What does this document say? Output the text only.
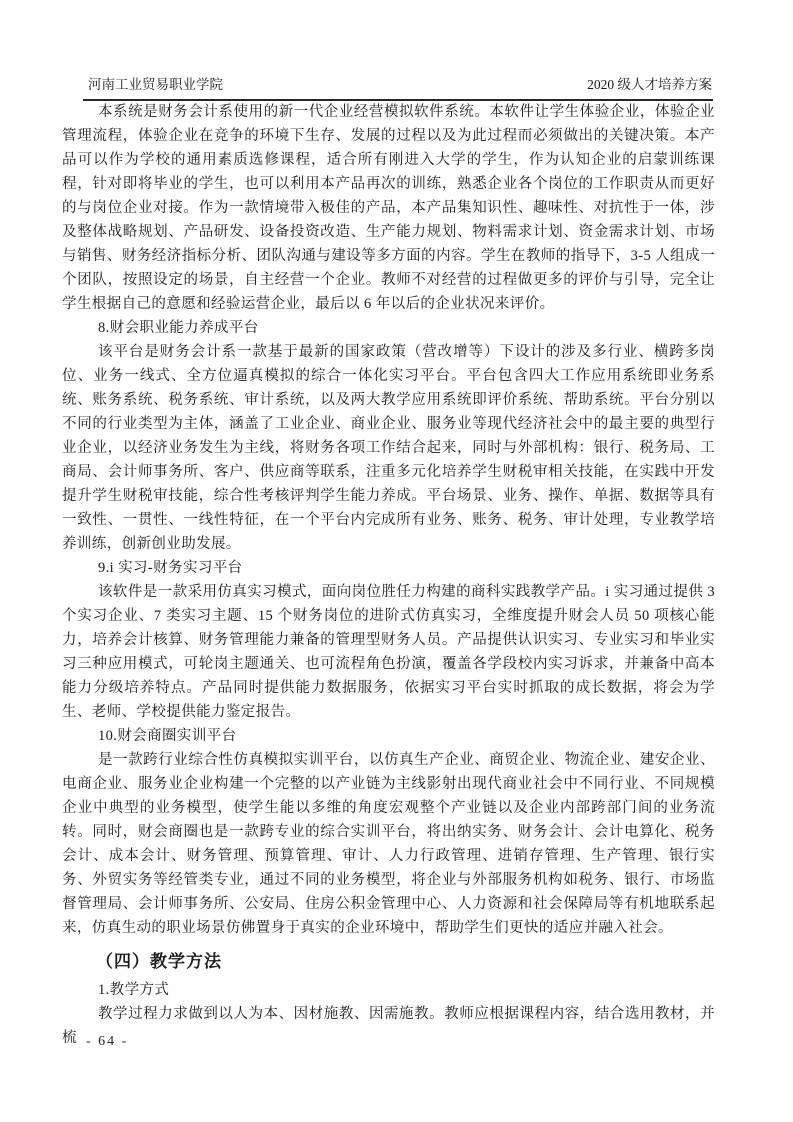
河南工业贸易职业学院	2020 级人才培养方案

本系统是财务会计系使用的新一代企业经营模拟软件系统。本软件让学生体验企业，体验企业管理流程，体验企业在竞争的环境下生存、发展的过程以及为此过程而必须做出的关键决策。本产品可以作为学校的通用素质选修课程，适合所有刚进入大学的学生，作为认知企业的启蒙训练课程，针对即将毕业的学生，也可以利用本产品再次的训练，熟悉企业各个岗位的工作职责从而更好的与岗位企业对接。作为一款情境带入极佳的产品，本产品集知识性、趣味性、对抗性于一体，涉及整体战略规划、产品研发、设备投资改造、生产能力规划、物料需求计划、资金需求计划、市场与销售、财务经济指标分析、团队沟通与建设等多方面的内容。学生在教师的指导下，3-5 人组成一个团队，按照设定的场景，自主经营一个企业。教师不对经营的过程做更多的评价与引导，完全让学生根据自己的意愿和经验运营企业，最后以 6 年以后的企业状况来评价。

8.财会职业能力养成平台

该平台是财务会计系一款基于最新的国家政策（营改增等）下设计的涉及多行业、横跨多岗位、业务一线式、全方位逼真模拟的综合一体化实习平台。平台包含四大工作应用系统即业务系统、账务系统、税务系统、审计系统，以及两大教学应用系统即评价系统、帮助系统。平台分别以不同的行业类型为主体，涵盖了工业企业、商业企业、服务业等现代经济社会中的最主要的典型行业企业，以经济业务发生为主线，将财务各项工作结合起来，同时与外部机构：银行、税务局、工商局、会计师事务所、客户、供应商等联系，注重多元化培养学生财税审相关技能，在实践中开发提升学生财税审技能，综合性考核评判学生能力养成。平台场景、业务、操作、单据、数据等具有一致性、一贯性、一线性特征，在一个平台内完成所有业务、账务、税务、审计处理，专业教学培养训练，创新创业助发展。

9.i 实习-财务实习平台

该软件是一款采用仿真实习模式，面向岗位胜任力构建的商科实践教学产品。i 实习通过提供 3 个实习企业、7 类实习主题、15 个财务岗位的进阶式仿真实习，全维度提升财会人员 50 项核心能力，培养会计核算、财务管理能力兼备的管理型财务人员。产品提供认识实习、专业实习和毕业实习三种应用模式，可轮岗主题通关、也可流程角色扮演，覆盖各学段校内实习诉求，并兼备中高本能力分级培养特点。产品同时提供能力数据服务，依据实习平台实时抓取的成长数据，将会为学生、老师、学校提供能力鉴定报告。

10.财会商圈实训平台

是一款跨行业综合性仿真模拟实训平台，以仿真生产企业、商贸企业、物流企业、建安企业、电商企业、服务业企业构建一个完整的以产业链为主线影射出现代商业社会中不同行业、不同规模企业中典型的业务模型，使学生能以多维的角度宏观整个产业链以及企业内部跨部门间的业务流转。同时，财会商圈也是一款跨专业的综合实训平台，将出纳实务、财务会计、会计电算化、税务会计、成本会计、财务管理、预算管理、审计、人力行政管理、进销存管理、生产管理、银行实务、外贸实务等经管类专业，通过不同的业务模型，将企业与外部服务机构如税务、银行、市场监督管理局、会计师事务所、公安局、住房公积金管理中心、人力资源和社会保障局等有机地联系起来，仿真生动的职业场景仿佛置身于真实的企业环境中，帮助学生们更快的适应并融入社会。

（四）教学方法

1.教学方式

教学过程力求做到以人为本、因材施教、因需施教。教师应根据课程内容，结合选用教材，并梳 - 64 -
